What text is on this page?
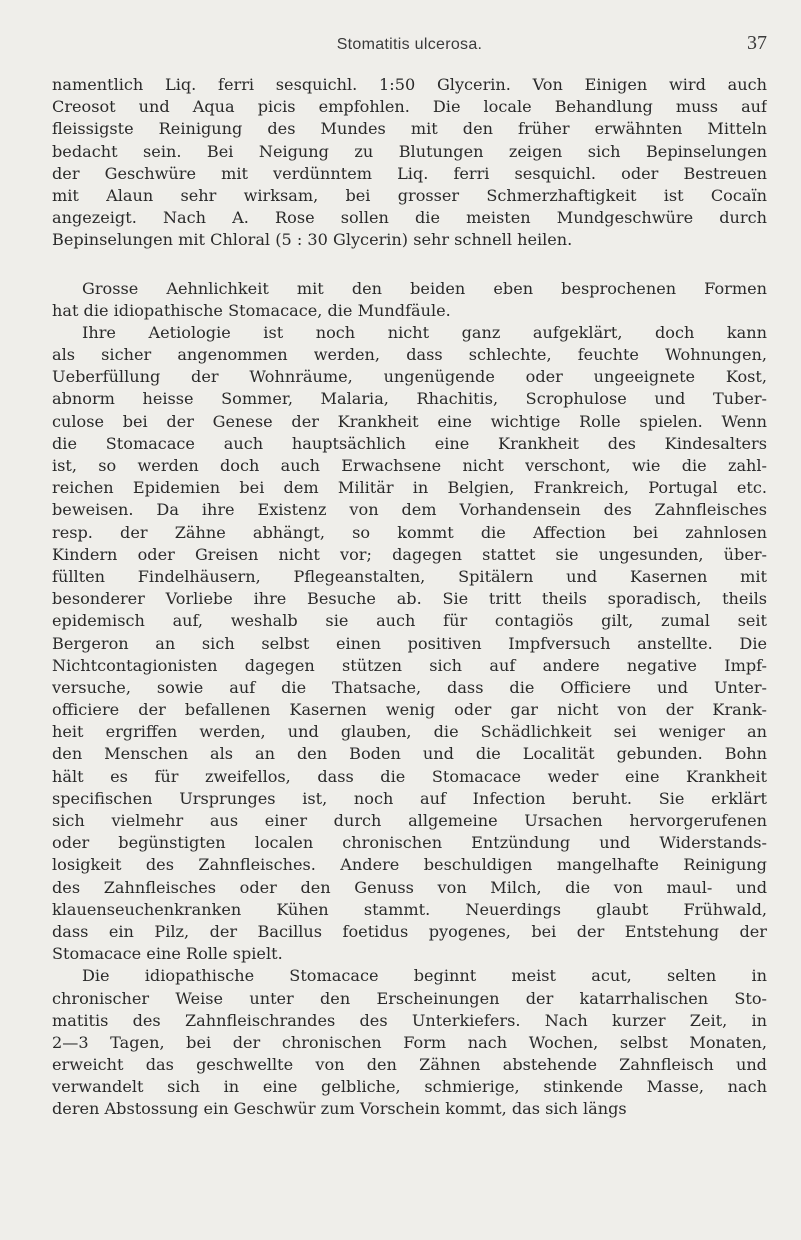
Stomatitis ulcerosa.	37
namentlich Liq. ferri sesquichl. 1:50 Glycerin. Von Einigen wird auch
Creosot und Aqua picis empfohlen. Die locale Behandlung muss auf
fleissigste Reinigung des Mundes mit den früher erwähnten Mitteln
bedacht sein. Bei Neigung zu Blutungen zeigen sich Bepinselungen
der Geschwüre mit verdünntem Liq. ferri sesquichl. oder Bestreuen
mit Alaun sehr wirksam, bei grosser Schmerzhaftigkeit ist Cocaïn
angezeigt. Nach A. Rose sollen die meisten Mundgeschwüre durch
Bepinselungen mit Chloral (5 : 30 Glycerin) sehr schnell heilen.
Grosse Aehnlichkeit mit den beiden eben besprochenen Formen
hat die idiopathische Stomacace, die Mundfäule.
Ihre Aetiologie ist noch nicht ganz aufgeklärt, doch kann
als sicher angenommen werden, dass schlechte, feuchte Wohnungen,
Ueberfüllung der Wohnräume, ungenügende oder ungeeignete Kost,
abnorm heisse Sommer, Malaria, Rhachitis, Scrophulose und Tuber-
culose bei der Genese der Krankheit eine wichtige Rolle spielen. Wenn
die Stomacace auch hauptsächlich eine Krankheit des Kindesalters
ist, so werden doch auch Erwachsene nicht verschont, wie die zahl-
reichen Epidemien bei dem Militär in Belgien, Frankreich, Portugal etc.
beweisen. Da ihre Existenz von dem Vorhandensein des Zahnfleisches
resp. der Zähne abhängt, so kommt die Affection bei zahnlosen
Kindern oder Greisen nicht vor; dagegen stattet sie ungesunden, über-
füllten Findelhäusern, Pflegeanstalten, Spitälern und Kasernen mit
besonderer Vorliebe ihre Besuche ab. Sie tritt theils sporadisch, theils
epidemisch auf, weshalb sie auch für contagiös gilt, zumal seit
Bergeron an sich selbst einen positiven Impfversuch anstellte. Die
Nichtcontagionisten dagegen stützen sich auf andere negative Impf-
versuche, sowie auf die Thatsache, dass die Officiere und Unter-
officiere der befallenen Kasernen wenig oder gar nicht von der Krank-
heit ergriffen werden, und glauben, die Schädlichkeit sei weniger an
den Menschen als an den Boden und die Localität gebunden. Bohn
hält es für zweifellos, dass die Stomacace weder eine Krankheit
specifischen Ursprunges ist, noch auf Infection beruht. Sie erklärt
sich vielmehr aus einer durch allgemeine Ursachen hervorgerufenen
oder begünstigten localen chronischen Entzündung und Widerstands-
losigkeit des Zahnfleisches. Andere beschuldigen mangelhafte Reinigung
des Zahnfleisches oder den Genuss von Milch, die von maul- und
klauenseuchenkranken Kühen stammt. Neuerdings glaubt Frühwald,
dass ein Pilz, der Bacillus foetidus pyogenes, bei der Entstehung der
Stomacace eine Rolle spielt.
Die idiopathische Stomacace beginnt meist acut, selten in
chronischer Weise unter den Erscheinungen der katarrhalischen Sto-
matitis des Zahnfleischrandes des Unterkiefers. Nach kurzer Zeit, in
2—3 Tagen, bei der chronischen Form nach Wochen, selbst Monaten,
erweicht das geschwellte von den Zähnen abstehende Zahnfleisch und
verwandelt sich in eine gelbliche, schmierige, stinkende Masse, nach
deren Abstossung ein Geschwür zum Vorschein kommt, das sich längs
